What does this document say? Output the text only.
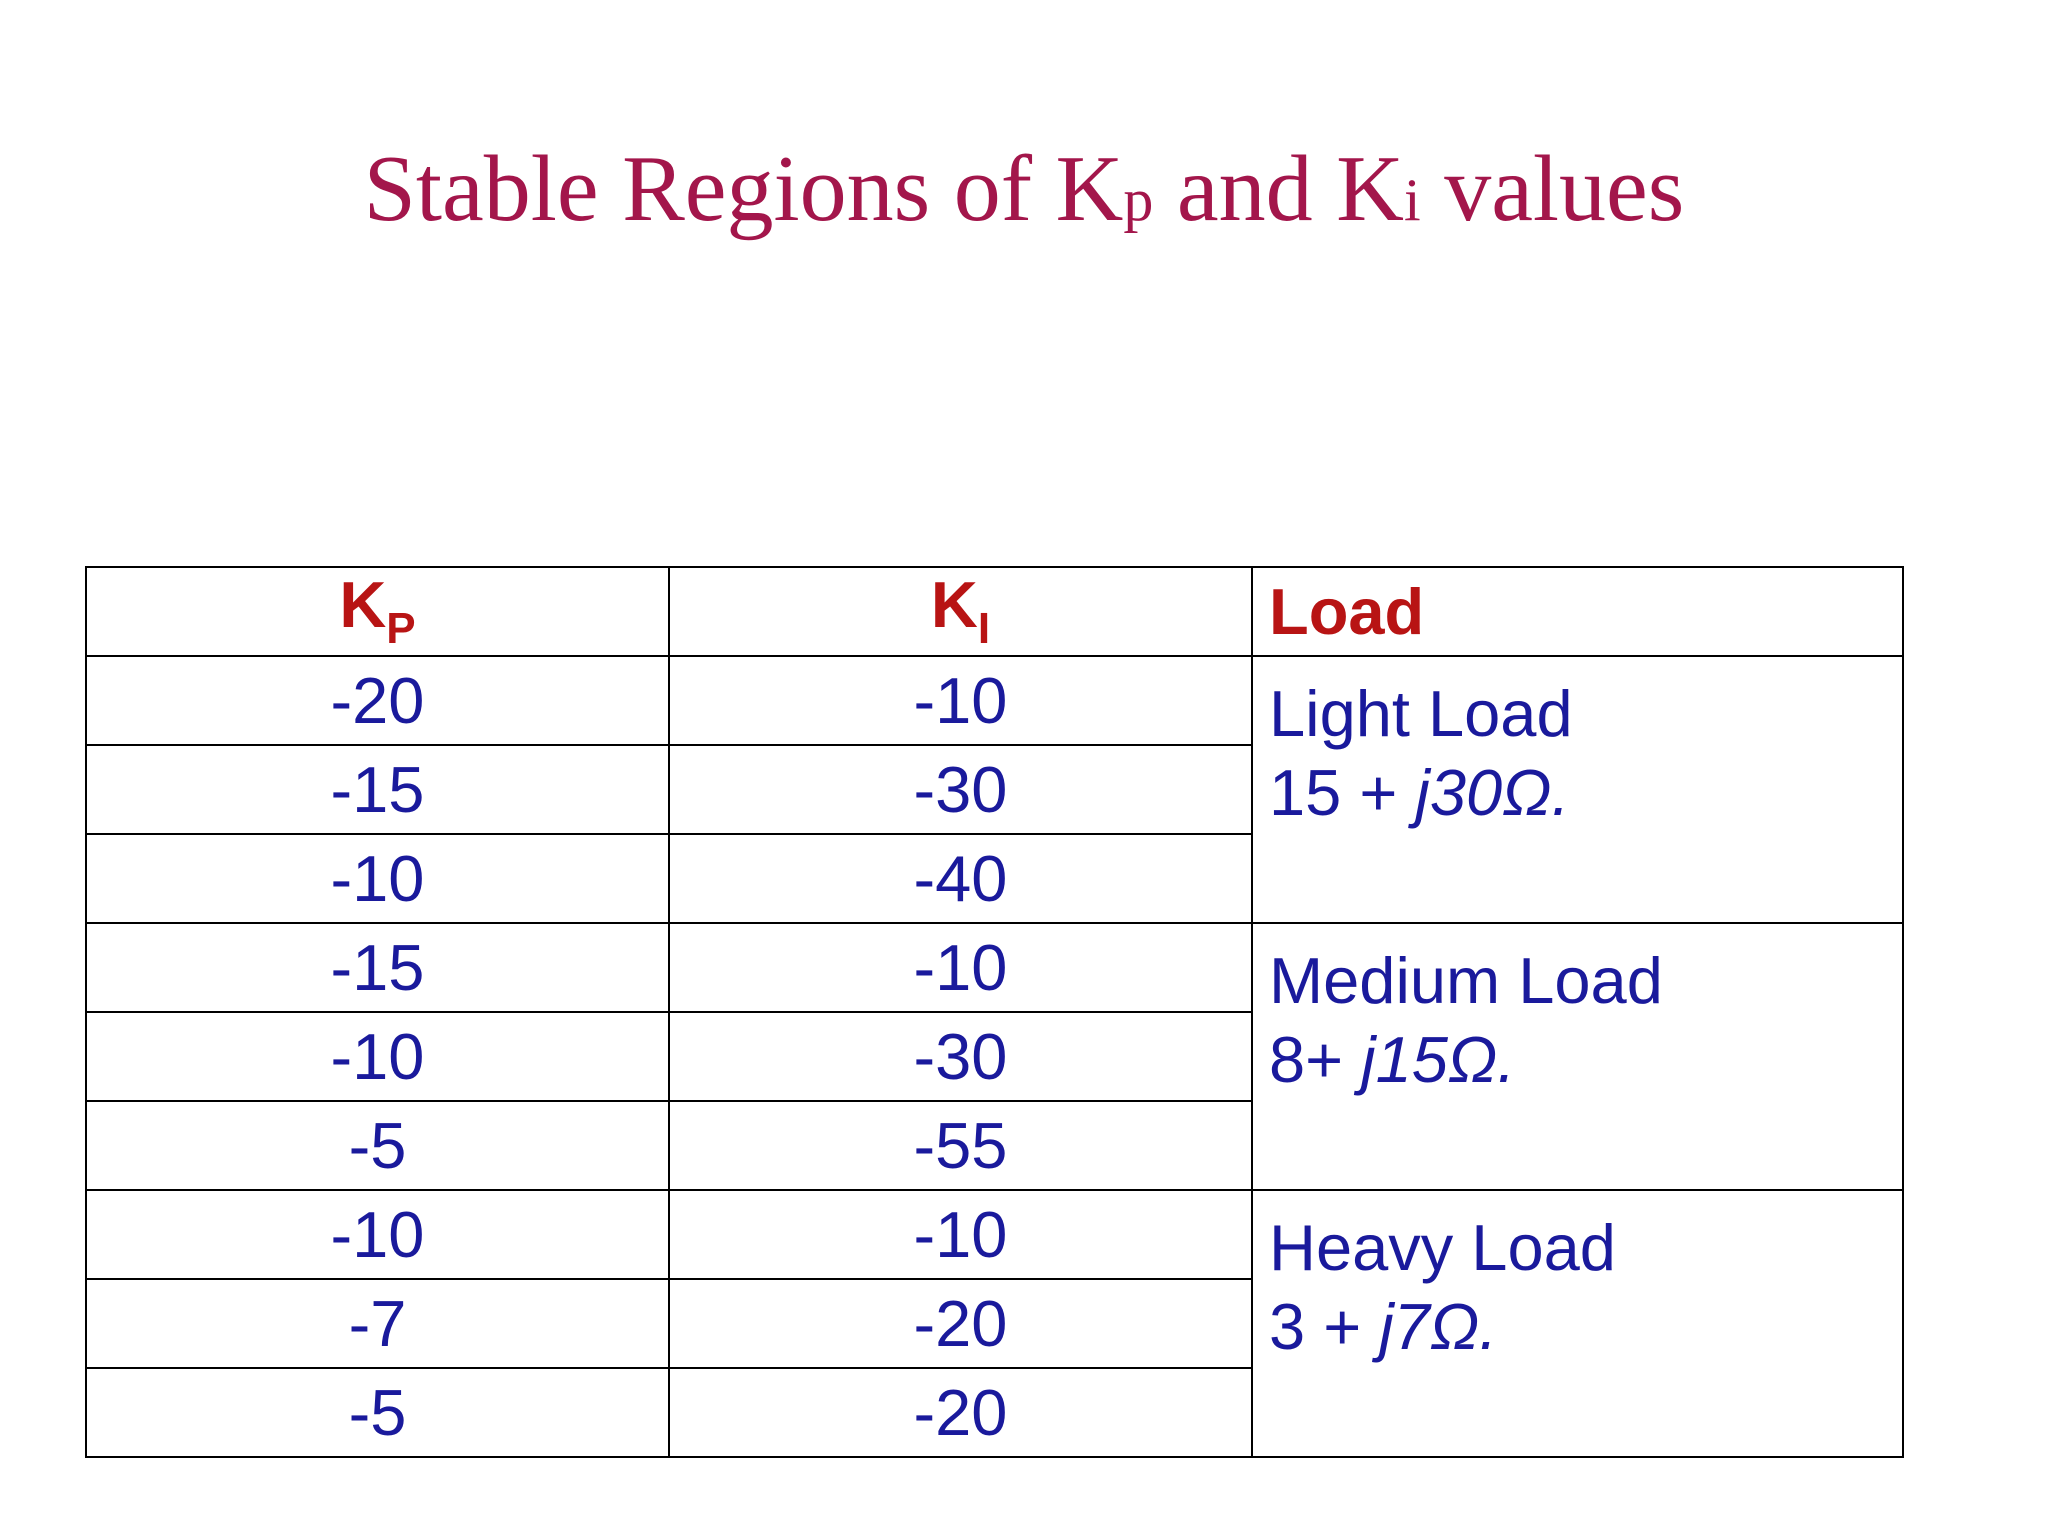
Stable Regions of Kp and Ki values
$K_P$	$K_I$	Load
-20	-10	Light Load
15 + j30Ω.
-15	-30	
-10	-40	
-15	-10	Medium Load
8+ j15Ω.
-10	-30	
-5	-55	
-10	-10	Heavy Load
3 + j7Ω.
-7	-20	
-5	-20	
